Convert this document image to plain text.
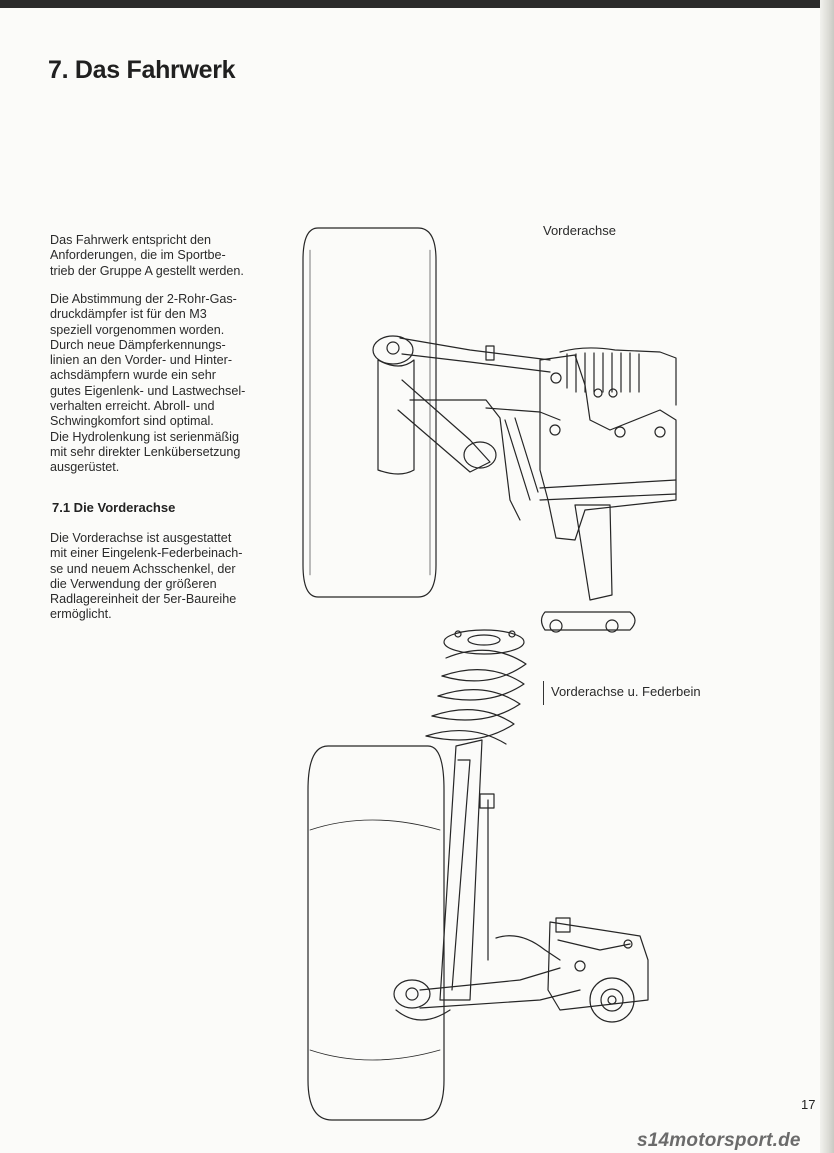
7. Das Fahrwerk

Das Fahrwerk entspricht den
Anforderungen, die im Sportbe-
trieb der Gruppe A gestellt werden.

Die Abstimmung der 2-Rohr-Gas-
druckdämpfer ist für den M3
speziell vorgenommen worden.
Durch neue Dämpferkennungs-
linien an den Vorder- und Hinter-
achsdämpfern wurde ein sehr
gutes Eigenlenk- und Lastwechsel-
verhalten erreicht. Abroll- und
Schwingkomfort sind optimal.
Die Hydrolenkung ist serienmäßig
mit sehr direkter Lenkübersetzung
ausgerüstet.

7.1 Die Vorderachse

Die Vorderachse ist ausgestattet
mit einer Eingelenk-Federbeinach-
se und neuem Achsschenkel, der
die Verwendung der größeren
Radlagereinheit der 5er-Baureihe
ermöglicht.

Vorderachse
Vorderachse u. Federbein
17
s14motorsport.de
